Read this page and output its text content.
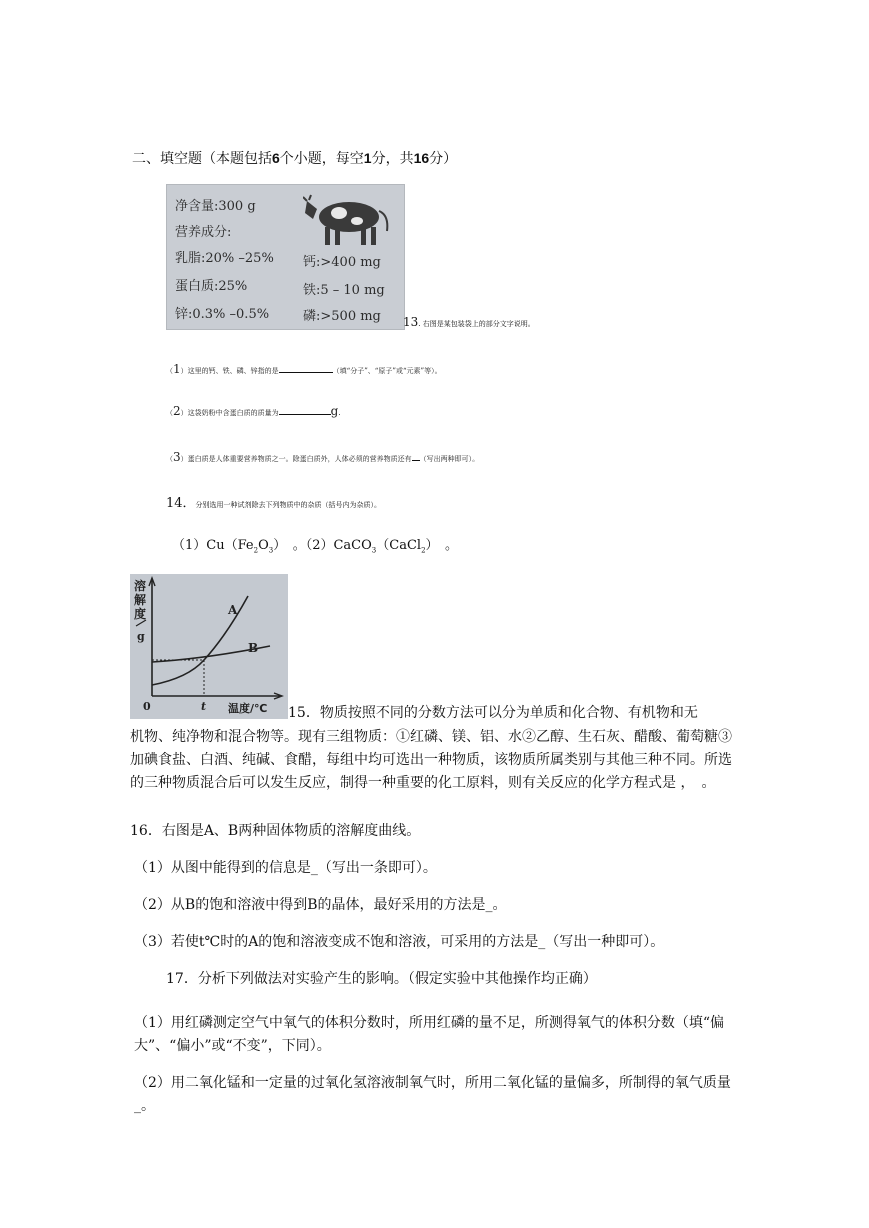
二、填空题（本题包括6个小题，每空1分，共16分）
净含量:300 g
营养成分:
乳脂:20% –25% 钙:>400 mg
蛋白质:25%	铁:5 – 10 mg
锌:0.3% –0.5%	磷:>500 mg 13. 右图是某包装袋上的部分文字说明。
（1）这里的钙、铁、磷、锌指的是	（填“分子”、“原子”或“元素”等）。
（2）这袋奶粉中含蛋白质的质量为	g.
（3）蛋白质是人体重要营养物质之一。除蛋白质外，人体必须的营养物质还有 （写出两种即可）。
14．分别选用一种试剂除去下列物质中的杂质（括号内为杂质）。
$(1)Cu(Fe_2O_3)$　。（2）CaCO$_3$（CaCl$_2$）　。
溶
解
度
g
A
B
0	t 温度/℃ 15．物质按照不同的分数方法可以分为单质和化合物、有机物和无
机物、纯净物和混合物等。现有三组物质：①红磷、镁、铝、水②乙醇、生石灰、醋酸、葡萄糖③加碘食盐、白酒、纯碱、食醋，每组中均可选出一种物质，该物质所属类别与其他三种不同。所选的三种物质混合后可以发生反应，制得一种重要的化工原料，则有关反应的化学方程式是 ，　。
16．右图是A、B两种固体物质的溶解度曲线。
（1）从图中能得到的信息是_（写出一条即可）。
（2）从B的饱和溶液中得到B的晶体，最好采用的方法是_。
（3）若使t℃时的A的饱和溶液变成不饱和溶液，可采用的方法是_（写出一种即可）。
17．分析下列做法对实验产生的影响。（假定实验中其他操作均正确）
（1）用红磷测定空气中氧气的体积分数时，所用红磷的量不足，所测得氧气的体积分数（填“偏大”、“偏小”或“不变”，下同）。
（2）用二氧化锰和一定量的过氧化氢溶液制氧气时，所用二氧化锰的量偏多，所制得的氧气质量_。
